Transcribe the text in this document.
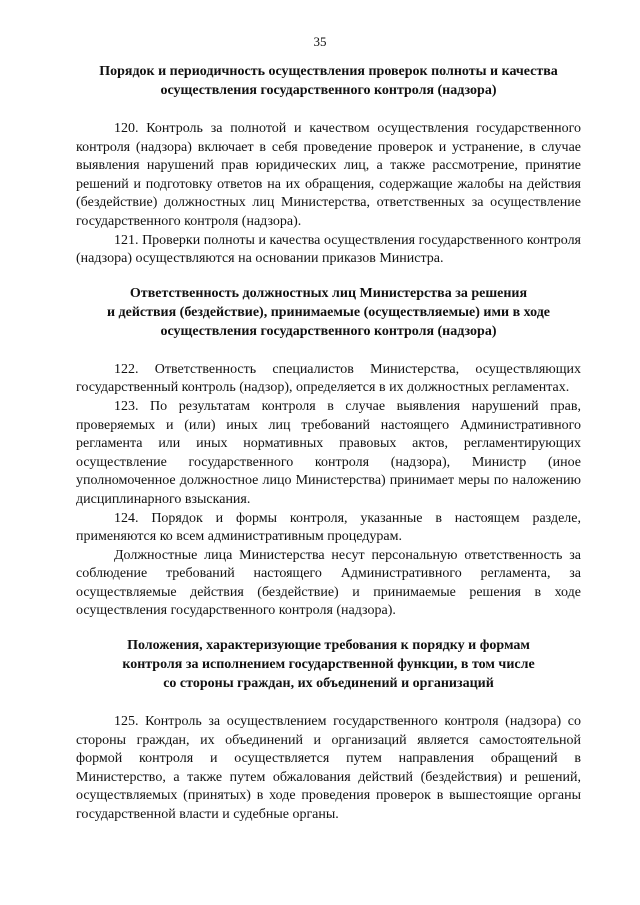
35
Порядок и периодичность осуществления проверок полноты и качества
осуществления государственного контроля (надзора)

120. Контроль за полнотой и качеством осуществления государственного контроля (надзора) включает в себя проведение проверок и устранение, в случае выявления нарушений прав юридических лиц, а также рассмотрение, принятие решений и подготовку ответов на их обращения, содержащие жалобы на действия (бездействие) должностных лиц Министерства, ответственных за осуществление государственного контроля (надзора).

121. Проверки полноты и качества осуществления государственного контроля (надзора) осуществляются на основании приказов Министра.

Ответственность должностных лиц Министерства за решения
и действия (бездействие), принимаемые (осуществляемые) ими в ходе
осуществления государственного контроля (надзора)

122. Ответственность специалистов Министерства, осуществляющих государственный контроль (надзор), определяется в их должностных регламентах.

123. По результатам контроля в случае выявления нарушений прав, проверяемых и (или) иных лиц требований настоящего Административного регламента или иных нормативных правовых актов, регламентирующих осуществление государственного контроля (надзора), Министр (иное уполномоченное должностное лицо Министерства) принимает меры по наложению дисциплинарного взыскания.

124. Порядок и формы контроля, указанные в настоящем разделе, применяются ко всем административным процедурам.

Должностные лица Министерства несут персональную ответственность за соблюдение требований настоящего Административного регламента, за осуществляемые действия (бездействие) и принимаемые решения в ходе осуществления государственного контроля (надзора).

Положения, характеризующие требования к порядку и формам
контроля за исполнением государственной функции, в том числе
со стороны граждан, их объединений и организаций

125. Контроль за осуществлением государственного контроля (надзора) со стороны граждан, их объединений и организаций является самостоятельной формой контроля и осуществляется путем направления обращений в Министерство, а также путем обжалования действий (бездействия) и решений, осуществляемых (принятых) в ходе проведения проверок в вышестоящие органы государственной власти и судебные органы.
